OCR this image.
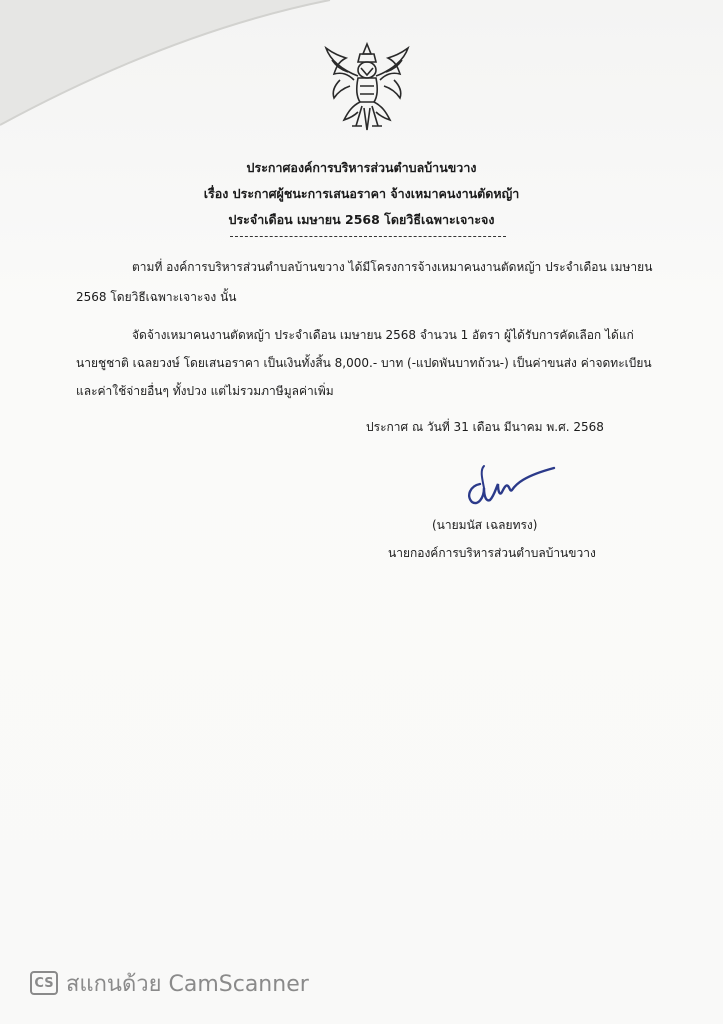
ประกาศองค์การบริหารส่วนตำบลบ้านขวาง
เรื่อง ประกาศผู้ชนะการเสนอราคา จ้างเหมาคนงานตัดหญ้า
ประจำเดือน เมษายน 2568 โดยวิธีเฉพาะเจาะจง
ตามที่ องค์การบริหารส่วนตำบลบ้านขวาง ได้มีโครงการจ้างเหมาคนงานตัดหญ้า ประจำเดือน เมษายน
2568 โดยวิธีเฉพาะเจาะจง นั้น
จัดจ้างเหมาคนงานตัดหญ้า ประจำเดือน เมษายน 2568 จำนวน 1 อัตรา ผู้ได้รับการคัดเลือก ได้แก่
นายชูชาติ เฉลยวงษ์ โดยเสนอราคา เป็นเงินทั้งสิ้น 8,000.- บาท (-แปดพันบาทถ้วน-) เป็นค่าขนส่ง ค่าจดทะเบียน
และค่าใช้จ่ายอื่นๆ ทั้งปวง แต่ไม่รวมภาษีมูลค่าเพิ่ม
ประกาศ ณ วันที่ 31 เดือน มีนาคม พ.ศ. 2568
(นายมนัส เฉลยทรง)
นายกองค์การบริหารส่วนตำบลบ้านขวาง
CS สแกนด้วย CamScanner
